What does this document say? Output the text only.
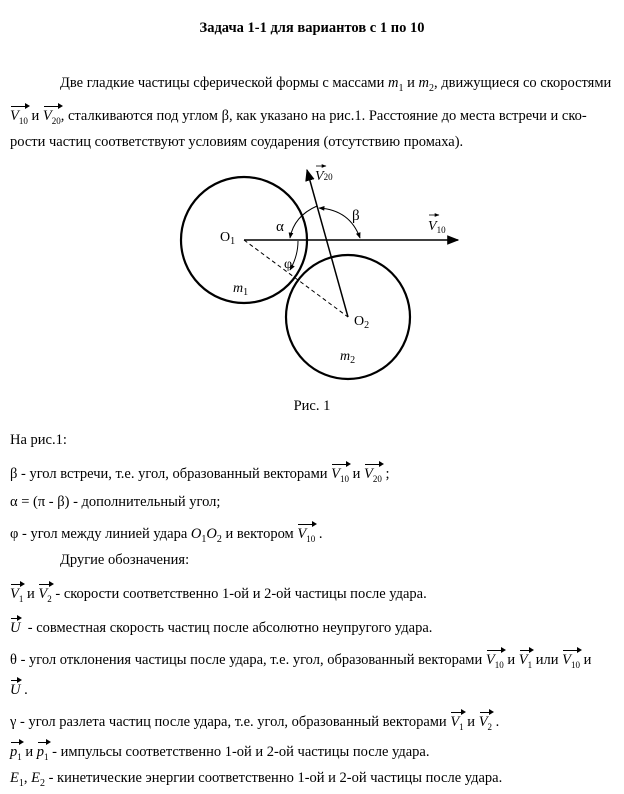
Задача 1-1 для вариантов с 1 по 10
Две гладкие частицы сферической формы с массами $m_1$ и $m_2$, движущиеся со скоростями
$V_{10}$ и $V_{20}$, сталкиваются под углом β, как указано на рис.1. Расстояние до места встречи и ско-
рости частиц соответствуют условиям соударения (отсутствию промаха).
$O_1$
$O_2$
α
β
φ
$m_1$
$m_2$
V20
$V_{10}$
Рис. 1
На рис.1:
β - угол встречи, т.е. угол, образованный векторами $V_{10}$ и $V_{20}$ ;
α = (π - β) - дополнительный угол;
φ - угол между линией удара $O_1O_2$ и вектором $V_{10}$ .
Другие обозначения:
$V_1$ и $V_2$ - скорости соответственно 1-ой и 2-ой частицы после удара.
U - совместная скорость частиц после абсолютно неупругого удара.
θ - угол отклонения частицы после удара, т.е. угол, образованный векторами $V_{10}$ и $V_1$ или $V_{10}$ и
U .
γ - угол разлета частиц после удара, т.е. угол, образованный векторами $V_1$ и $V_2$ .
$p_1$ и $p_1$ - импульсы соответственно 1-ой и 2-ой частицы после удара.
$E_1$, $E_2$ - кинетические энергии соответственно 1-ой и 2-ой частицы после удара.
